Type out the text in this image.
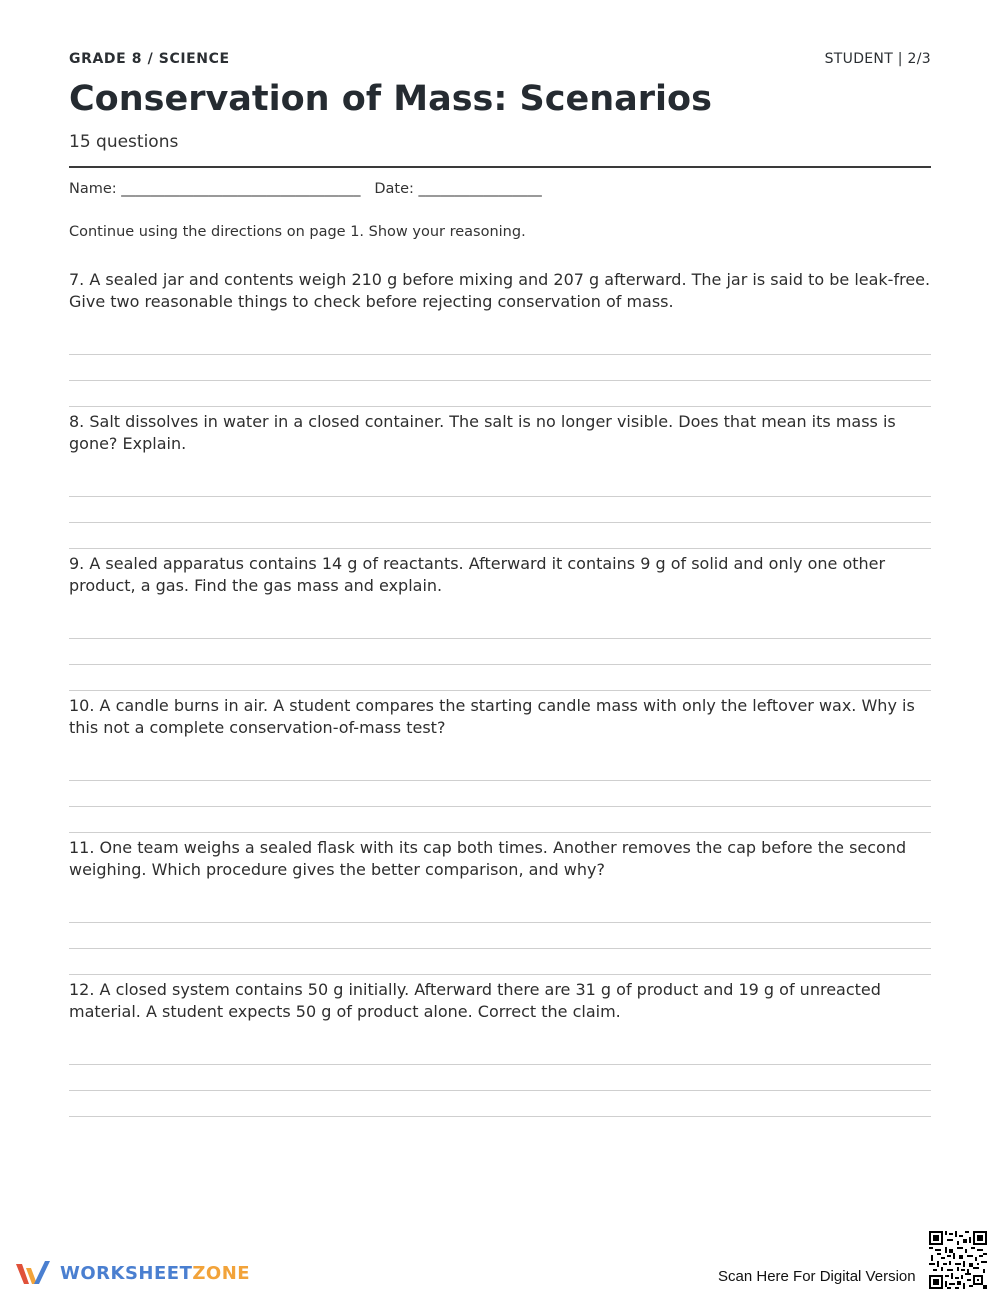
GRADE 8 / SCIENCE	STUDENT | 2/3
Conservation of Mass: Scenarios
15 questions
Name: _________________________________   Date: _________________
Continue using the directions on page 1. Show your reasoning.
7. A sealed jar and contents weigh 210 g before mixing and 207 g afterward. The jar is said to be leak-free. Give two reasonable things to check before rejecting conservation of mass.
8. Salt dissolves in water in a closed container. The salt is no longer visible. Does that mean its mass is gone? Explain.
9. A sealed apparatus contains 14 g of reactants. Afterward it contains 9 g of solid and only one other product, a gas. Find the gas mass and explain.
10. A candle burns in air. A student compares the starting candle mass with only the leftover wax. Why is this not a complete conservation-of-mass test?
11. One team weighs a sealed flask with its cap both times. Another removes the cap before the second weighing. Which procedure gives the better comparison, and why?
12. A closed system contains 50 g initially. Afterward there are 31 g of product and 19 g of unreacted material. A student expects 50 g of product alone. Correct the claim.
WORKSHEETZONE	Scan Here For Digital Version
